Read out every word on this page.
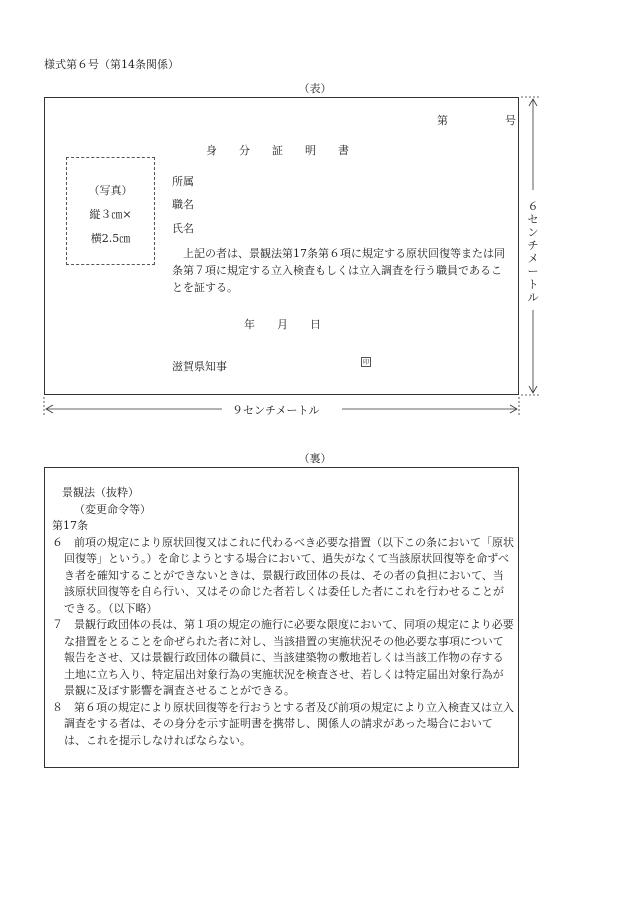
様式第６号（第14条関係）
（表）
第	号
身　　分　　証　　明　　書
（写真）
縦３㎝×
横2.5㎝
所属
職名
氏名
上記の者は、景観法第17条第６項に規定する原状回復等または同条第７項に規定する立入検査もしくは立入調査を行う職員であることを証する。
年　　月　　日
滋賀県知事	印
６センチメートル
９センチメートル
（裏）

景観法（抜粋）

（変更命令等）

第17条

６　前項の規定により原状回復又はこれに代わるべき必要な措置（以下この条において「原状回復等」という。）を命じようとする場合において、過失がなくて当該原状回復等を命ずべき者を確知することができないときは、景観行政団体の長は、その者の負担において、当該原状回復等を自ら行い、又はその命じた者若しくは委任した者にこれを行わせることができる。（以下略）

７　景観行政団体の長は、第１項の規定の施行に必要な限度において、同項の規定により必要な措置をとることを命ぜられた者に対し、当該措置の実施状況その他必要な事項について報告をさせ、又は景観行政団体の職員に、当該建築物の敷地若しくは当該工作物の存する土地に立ち入り、特定届出対象行為の実施状況を検査させ、若しくは特定届出対象行為が景観に及ぼす影響を調査させることができる。

８　第６項の規定により原状回復等を行おうとする者及び前項の規定により立入検査又は立入調査をする者は、その身分を示す証明書を携帯し、関係人の請求があった場合においては、これを提示しなければならない。
